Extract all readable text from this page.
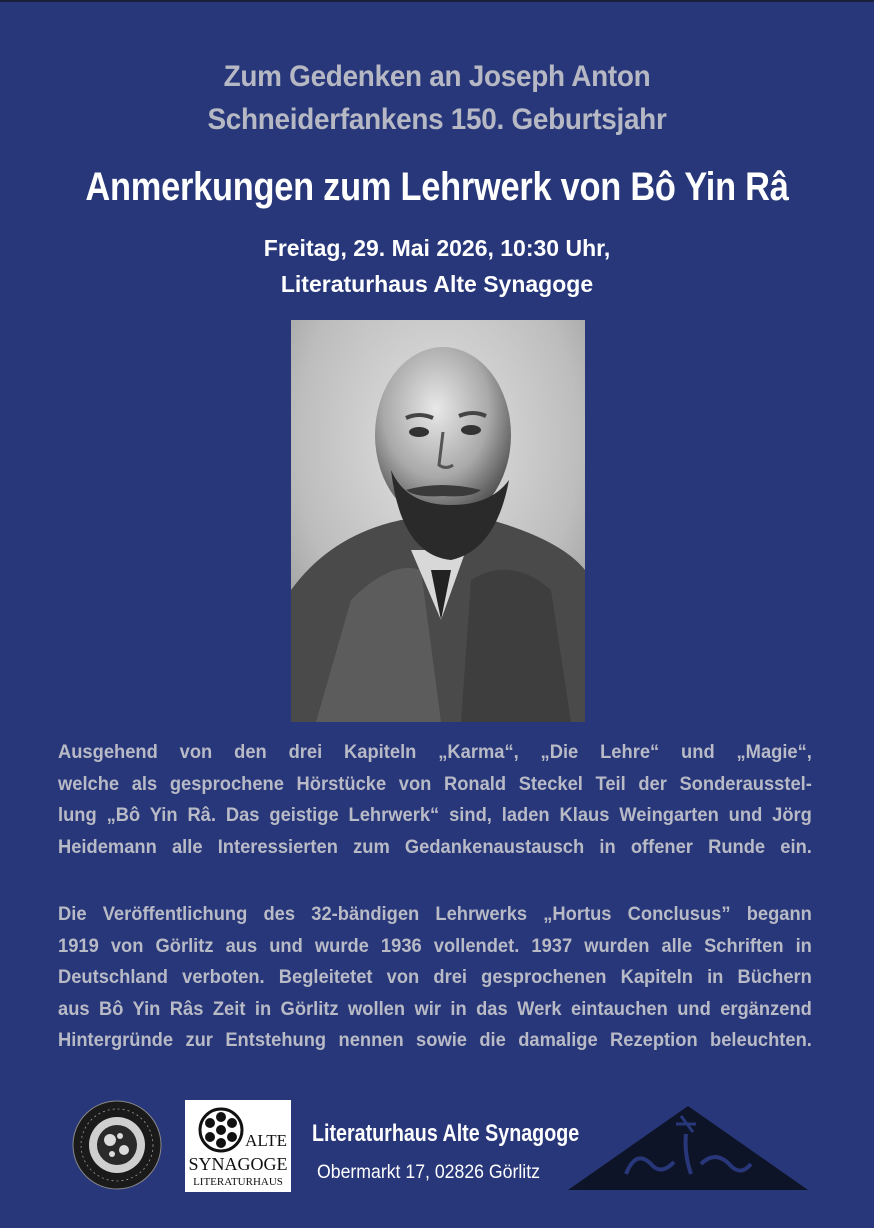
Zum Gedenken an Joseph Anton
Schneiderfankens 150. Geburtsjahr
Anmerkungen zum Lehrwerk von Bô Yin Râ
Freitag, 29. Mai 2026, 10:30 Uhr,
Literaturhaus Alte Synagoge
Ausgehend von den drei Kapiteln „Karma“, „Die Lehre“ und „Magie“,
welche als gesprochene Hörstücke von Ronald Steckel Teil der Sonderausstel-
lung „Bô Yin Râ. Das geistige Lehrwerk“ sind, laden Klaus Weingarten und Jörg
Heidemann alle Interessierten zum Gedankenaustausch in offener Runde ein.
Die Veröffentlichung des 32-bändigen Lehrwerks „Hortus Conclusus” begann
1919 von Görlitz aus und wurde 1936 vollendet. 1937 wurden alle Schriften in
Deutschland verboten. Begleitetet von drei gesprochenen Kapiteln in Büchern
aus Bô Yin Râs Zeit in Görlitz wollen wir in das Werk eintauchen und ergänzend
Hintergründe zur Entstehung nennen sowie die damalige Rezeption beleuchten.
ALTE
SYNAGOGE
LITERATURHAUS
Literaturhaus Alte Synagoge
Obermarkt 17, 02826 Görlitz
